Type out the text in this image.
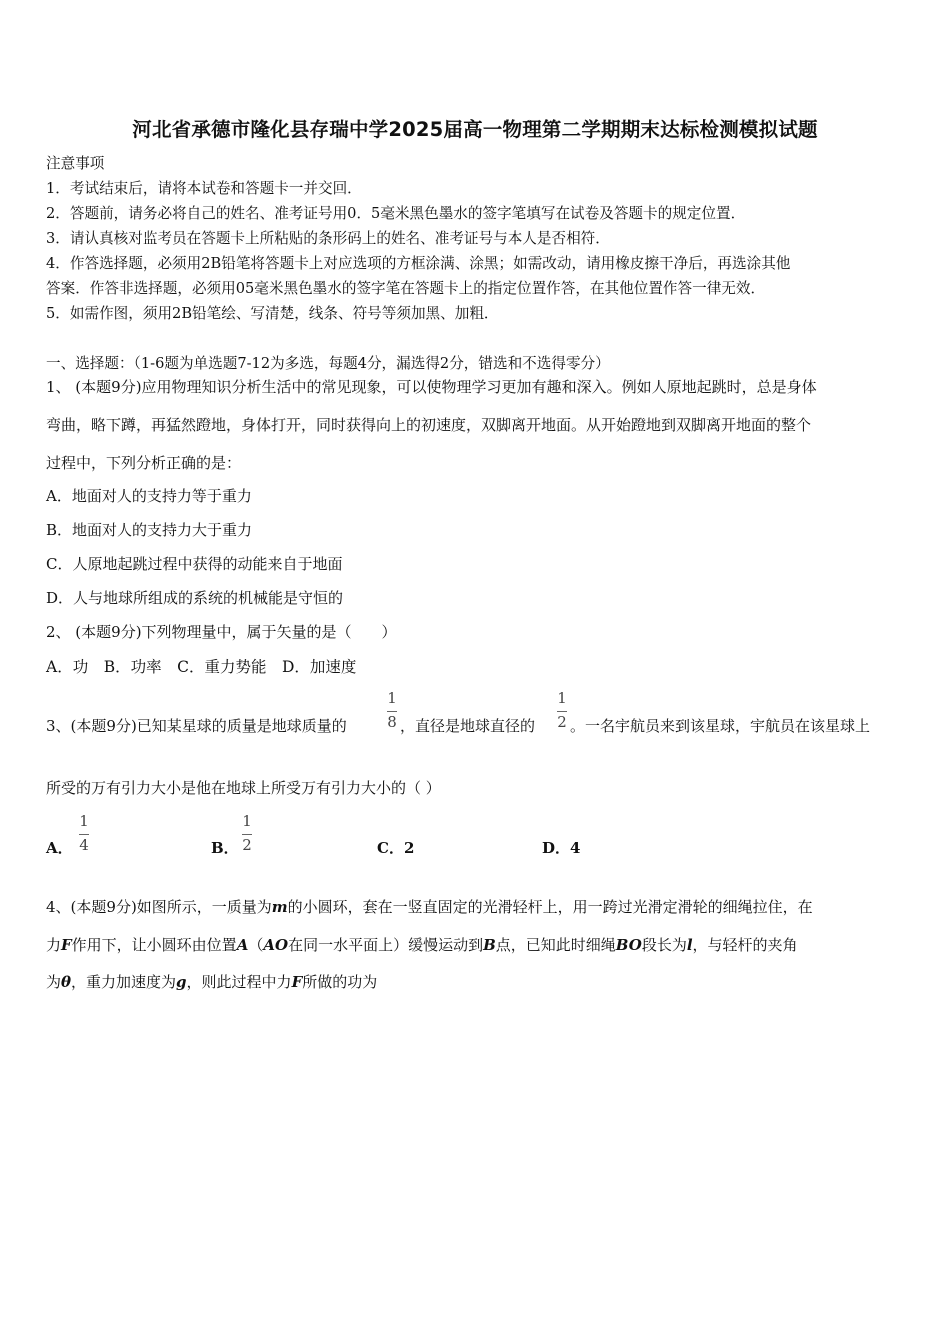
河北省承德市隆化县存瑞中学2025届高一物理第二学期期末达标检测模拟试题
注意事项
1．考试结束后，请将本试卷和答题卡一并交回．
2．答题前，请务必将自己的姓名、准考证号用0．5毫米黑色墨水的签字笔填写在试卷及答题卡的规定位置．
3．请认真核对监考员在答题卡上所粘贴的条形码上的姓名、准考证号与本人是否相符．
4．作答选择题，必须用2B铅笔将答题卡上对应选项的方框涂满、涂黑；如需改动，请用橡皮擦干净后，再选涂其他
答案．作答非选择题，必须用05毫米黑色墨水的签字笔在答题卡上的指定位置作答，在其他位置作答一律无效．
5．如需作图，须用2B铅笔绘、写清楚，线条、符号等须加黑、加粗．
一、选择题：（1-6题为单选题7-12为多选，每题4分，漏选得2分，错选和不选得零分）
1、 (本题9分)应用物理知识分析生活中的常见现象，可以使物理学习更加有趣和深入。例如人原地起跳时，总是身体
弯曲，略下蹲，再猛然蹬地，身体打开，同时获得向上的初速度，双脚离开地面。从开始蹬地到双脚离开地面的整个
过程中，下列分析正确的是：
A．地面对人的支持力等于重力
B．地面对人的支持力大于重力
C．人原地起跳过程中获得的动能来自于地面
D．人与地球所组成的系统的机械能是守恒的
2、 (本题9分)下列物理量中，属于矢量的是（　　）
A．功　B．功率　C．重力势能　D．加速度
3、(本题9分)已知某星球的质量是地球质量的
1
8 ，直径是地球直径的
1
2 。一名宇航员来到该星球，宇航员在该星球上
所受的万有引力大小是他在地球上所受万有引力大小的（ ）
A．
1
4	B．
1
2	C．2	D．4
4、(本题9分)如图所示，一质量为m的小圆环，套在一竖直固定的光滑轻杆上，用一跨过光滑定滑轮的细绳拉住，在
力F作用下，让小圆环由位置A（AO在同一水平面上）缓慢运动到B点，已知此时细绳BO段长为l，与轻杆的夹角
为θ，重力加速度为g，则此过程中力F所做的功为
